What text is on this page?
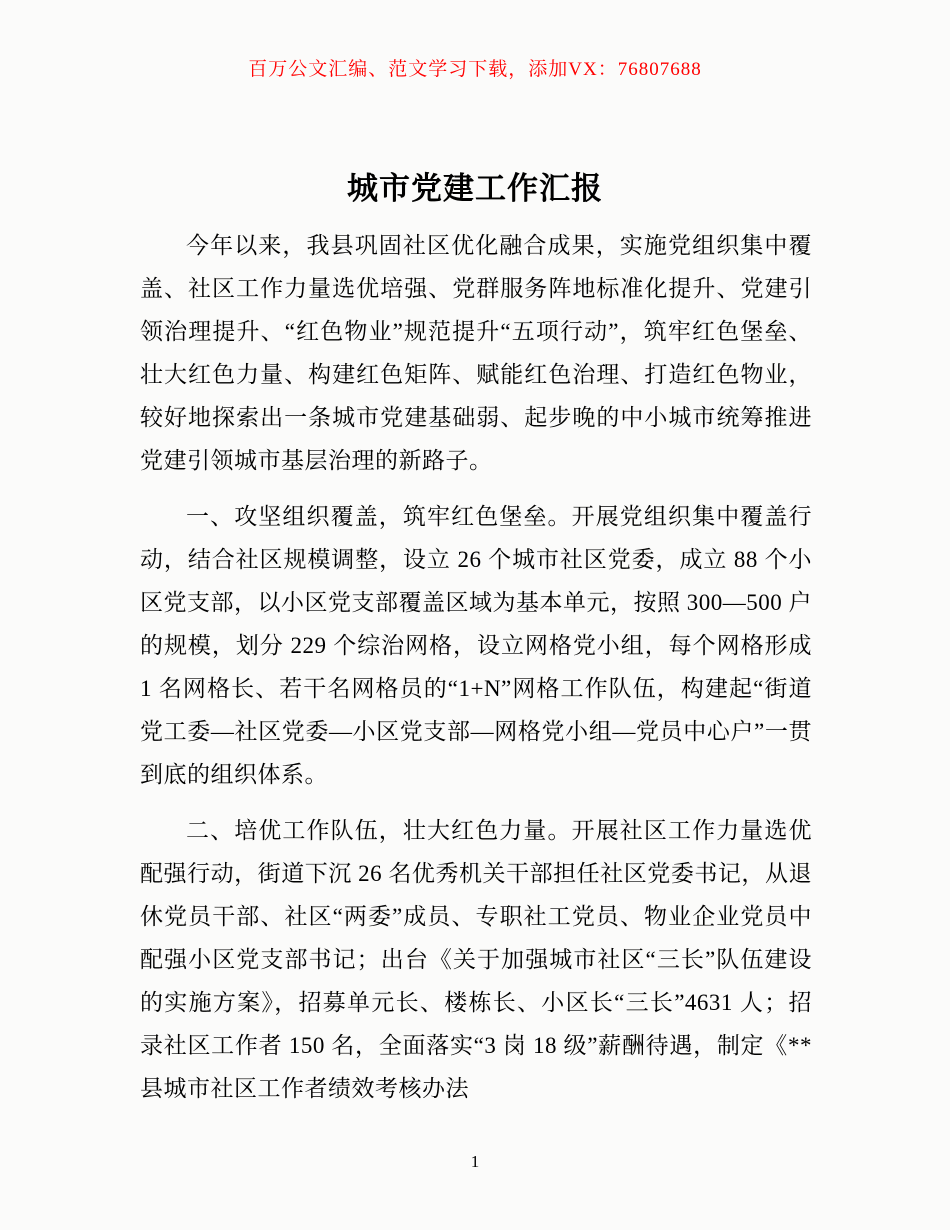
百万公文汇编、范文学习下载，添加VX：76807688
城市党建工作汇报

今年以来，我县巩固社区优化融合成果，实施党组织集中覆盖、社区工作力量选优培强、党群服务阵地标准化提升、党建引领治理提升、“红色物业”规范提升“五项行动”，筑牢红色堡垒、壮大红色力量、构建红色矩阵、赋能红色治理、打造红色物业，较好地探索出一条城市党建基础弱、起步晚的中小城市统筹推进党建引领城市基层治理的新路子。

一、攻坚组织覆盖，筑牢红色堡垒。开展党组织集中覆盖行动，结合社区规模调整，设立 26 个城市社区党委，成立 88 个小区党支部，以小区党支部覆盖区域为基本单元，按照 300—500 户的规模，划分 229 个综治网格，设立网格党小组，每个网格形成 1 名网格长、若干名网格员的“1+N”网格工作队伍，构建起“街道党工委—社区党委—小区党支部—网格党小组—党员中心户”一贯到底的组织体系。

二、培优工作队伍，壮大红色力量。开展社区工作力量选优配强行动，街道下沉 26 名优秀机关干部担任社区党委书记，从退休党员干部、社区“两委”成员、专职社工党员、物业企业党员中配强小区党支部书记；出台《关于加强城市社区“三长”队伍建设的实施方案》，招募单元长、楼栋长、小区长“三长”4631 人；招录社区工作者 150 名，全面落实“3 岗 18 级”薪酬待遇，制定《**县城市社区工作者绩效考核办法

1
